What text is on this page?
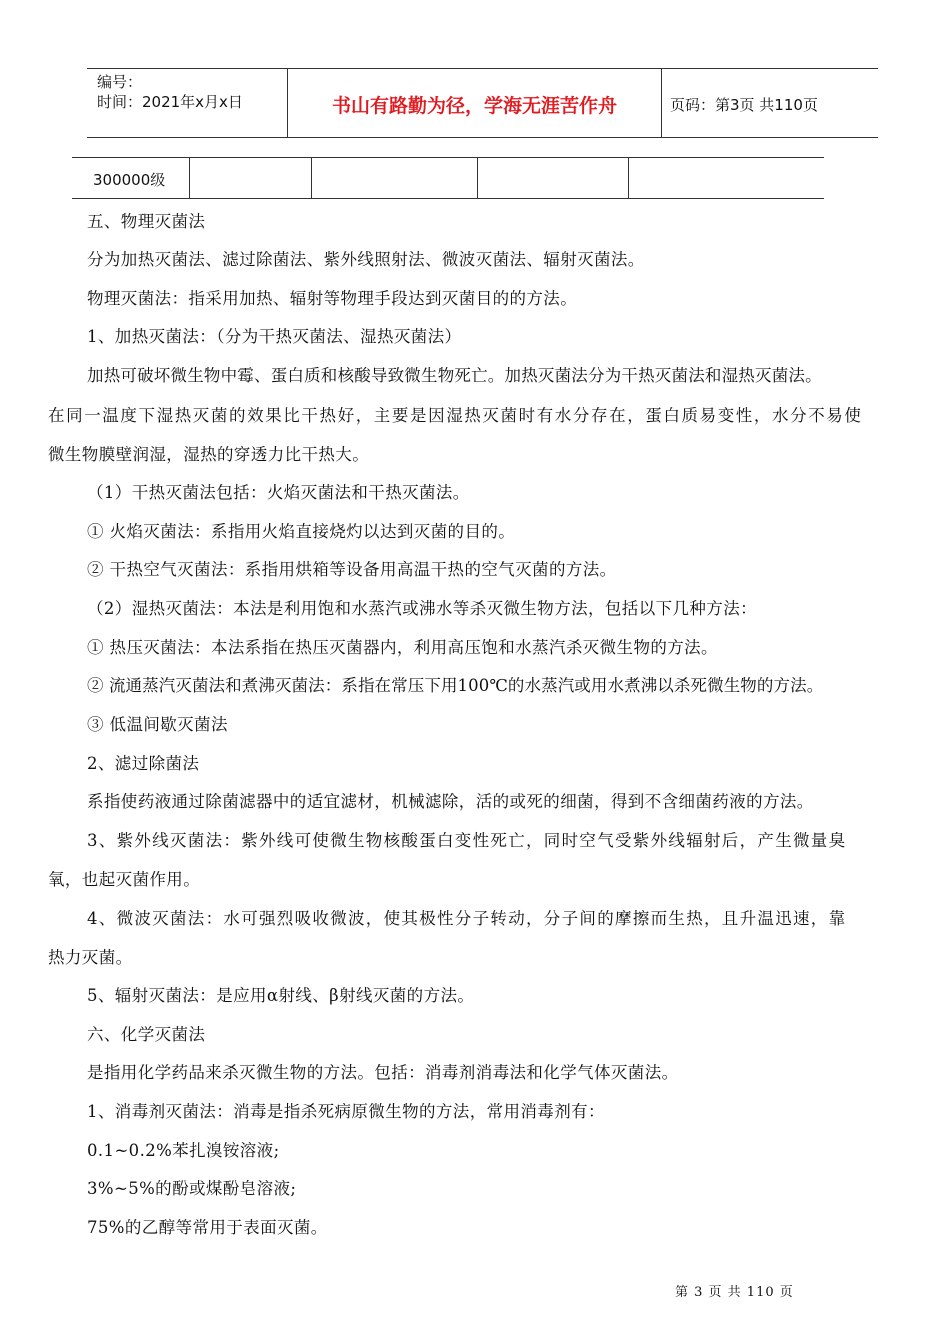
编号：
时间：2021年x月x日	书山有路勤为径，学海无涯苦作舟	页码：第3页 共110页
300000级
五、物理灭菌法
分为加热灭菌法、滤过除菌法、紫外线照射法、微波灭菌法、辐射灭菌法。
物理灭菌法：指采用加热、辐射等物理手段达到灭菌目的的方法。
1、加热灭菌法：（分为干热灭菌法、湿热灭菌法）
加热可破坏微生物中霉、蛋白质和核酸导致微生物死亡。加热灭菌法分为干热灭菌法和湿热灭菌法。
在同一温度下湿热灭菌的效果比干热好，主要是因湿热灭菌时有水分存在，蛋白质易变性，水分不易使
微生物膜壁润湿，湿热的穿透力比干热大。
（1）干热灭菌法包括：火焰灭菌法和干热灭菌法。
① 火焰灭菌法：系指用火焰直接烧灼以达到灭菌的目的。
② 干热空气灭菌法：系指用烘箱等设备用高温干热的空气灭菌的方法。
（2）湿热灭菌法：本法是利用饱和水蒸汽或沸水等杀灭微生物方法，包括以下几种方法：
① 热压灭菌法：本法系指在热压灭菌器内，利用高压饱和水蒸汽杀灭微生物的方法。
② 流通蒸汽灭菌法和煮沸灭菌法：系指在常压下用100℃的水蒸汽或用水煮沸以杀死微生物的方法。
③ 低温间歇灭菌法
2、滤过除菌法
系指使药液通过除菌滤器中的适宜滤材，机械滤除，活的或死的细菌，得到不含细菌药液的方法。
3、紫外线灭菌法：紫外线可使微生物核酸蛋白变性死亡，同时空气受紫外线辐射后，产生微量臭
氧，也起灭菌作用。
4、微波灭菌法：水可强烈吸收微波，使其极性分子转动，分子间的摩擦而生热，且升温迅速，靠
热力灭菌。
5、辐射灭菌法：是应用α射线、β射线灭菌的方法。
六、化学灭菌法
是指用化学药品来杀灭微生物的方法。包括：消毒剂消毒法和化学气体灭菌法。
1、消毒剂灭菌法：消毒是指杀死病原微生物的方法，常用消毒剂有：
0.1~0.2%苯扎溴铵溶液;
3%~5%的酚或煤酚皂溶液;
75%的乙醇等常用于表面灭菌。
第 3 页 共 110 页
